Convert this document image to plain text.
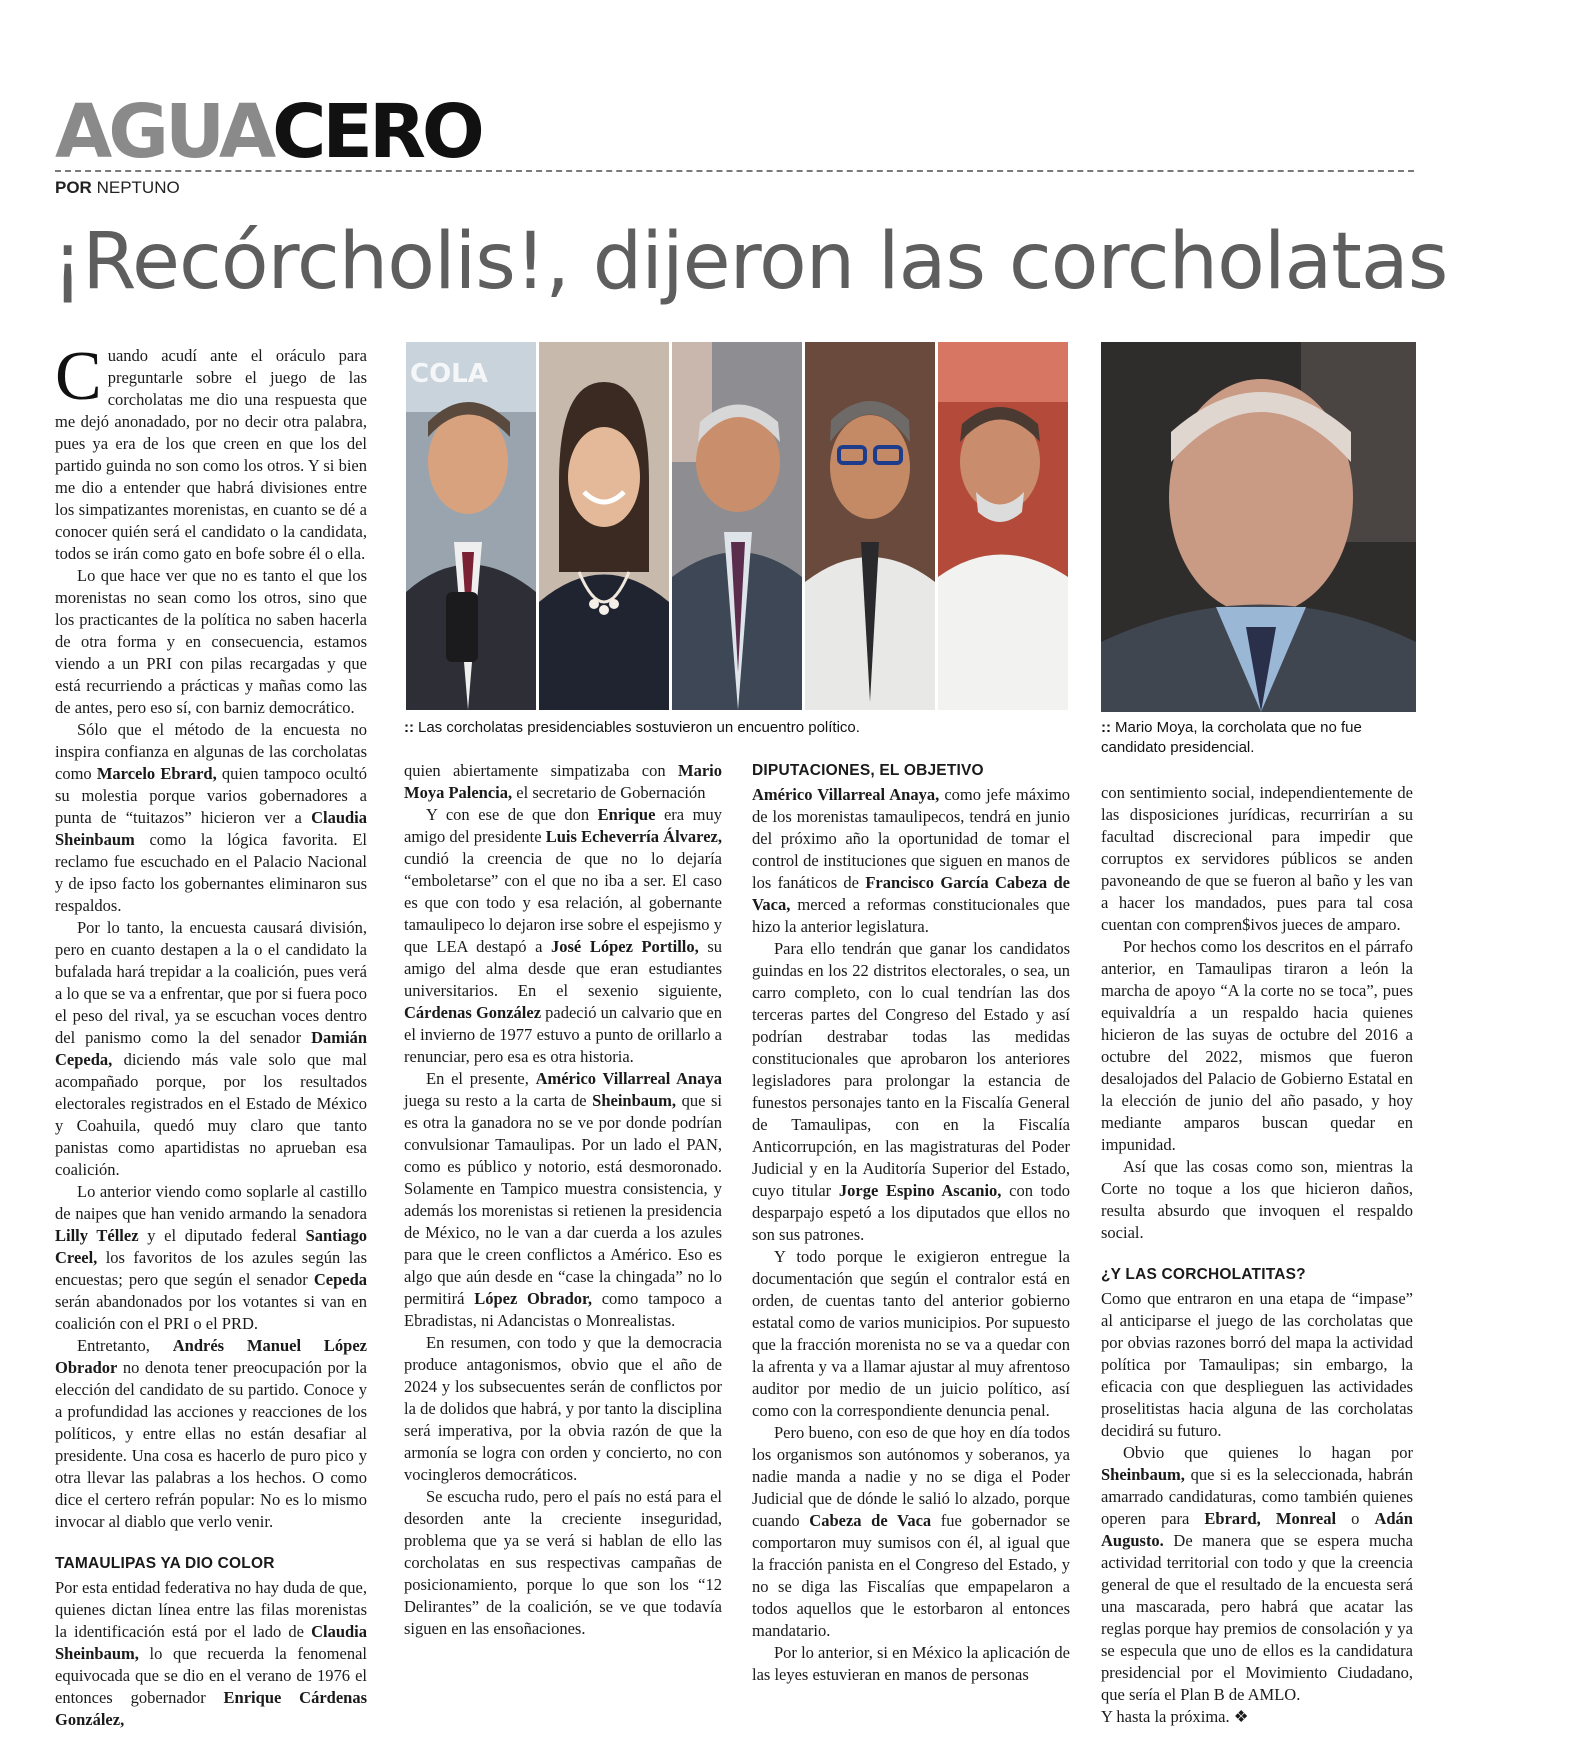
AGUACERO
POR NEPTUNO
¡Recórcholis!, dijeron las corcholatas

Cuando acudí ante el oráculo para preguntarle sobre el juego de las corcholatas me dio una respuesta que me dejó anonadado, por no decir otra palabra, pues ya era de los que creen en que los del partido guinda no son como los otros. Y si bien me dio a entender que habrá divisiones entre los simpatizantes morenistas, en cuanto se dé a conocer quién será el candidato o la candidata, todos se irán como gato en bofe sobre él o ella.

Lo que hace ver que no es tanto el que los morenistas no sean como los otros, sino que los practicantes de la política no saben hacerla de otra forma y en consecuencia, estamos viendo a un PRI con pilas recargadas y que está recurriendo a prácticas y mañas como las de antes, pero eso sí, con barniz democrático.

Sólo que el método de la encuesta no inspira confianza en algunas de las corcholatas como Marcelo Ebrard, quien tampoco ocultó su molestia porque varios gobernadores a punta de “tuitazos” hicieron ver a Claudia Sheinbaum como la lógica favorita. El reclamo fue escuchado en el Palacio Nacional y de ipso facto los gobernantes eliminaron sus respaldos.

Por lo tanto, la encuesta causará división, pero en cuanto destapen a la o el candidato la bufalada hará trepidar a la coalición, pues verá a lo que se va a enfrentar, que por si fuera poco el peso del rival, ya se escuchan voces dentro del panismo como la del senador Damián Cepeda, diciendo más vale solo que mal acompañado porque, por los resultados electorales registrados en el Estado de México y Coahuila, quedó muy claro que tanto panistas como apartidistas no aprueban esa coalición.

Lo anterior viendo como soplarle al castillo de naipes que han venido armando la senadora Lilly Téllez y el diputado federal Santiago Creel, los favoritos de los azules según las encuestas; pero que según el senador Cepeda serán abandonados por los votantes si van en coalición con el PRI o el PRD.

Entretanto, Andrés Manuel López Obrador no denota tener preocupación por la elección del candidato de su partido. Conoce y a profundidad las acciones y reacciones de los políticos, y entre ellas no están desafiar al presidente. Una cosa es hacerlo de puro pico y otra llevar las palabras a los hechos. O como dice el certero refrán popular: No es lo mismo invocar al diablo que verlo venir.

TAMAULIPAS YA DIO COLOR

Por esta entidad federativa no hay duda de que, quienes dictan línea entre las filas morenistas la identificación está por el lado de Claudia Sheinbaum, lo que recuerda la fenomenal equivocada que se dio en el verano de 1976 el entonces gobernador Enrique Cárdenas González,

COLA
:: Las corcholatas presidenciables sostuvieron un encuentro político.	:: Mario Moya, la corcholata que no fue candidato presidencial.

quien abiertamente simpatizaba con Mario Moya Palencia, el secretario de Gobernación

Y con ese de que don Enrique era muy amigo del presidente Luis Echeverría Álvarez, cundió la creencia de que no lo dejaría “emboletarse” con el que no iba a ser. El caso es que con todo y esa relación, al gobernante tamaulipeco lo dejaron irse sobre el espejismo y que LEA destapó a José López Portillo, su amigo del alma desde que eran estudiantes universitarios. En el sexenio siguiente, Cárdenas González padeció un calvario que en el invierno de 1977 estuvo a punto de orillarlo a renunciar, pero esa es otra historia.

En el presente, Américo Villarreal Anaya juega su resto a la carta de Sheinbaum, que si es otra la ganadora no se ve por donde podrían convulsionar Tamaulipas. Por un lado el PAN, como es público y notorio, está desmoronado. Solamente en Tampico muestra consistencia, y además los morenistas si retienen la presidencia de México, no le van a dar cuerda a los azules para que le creen conflictos a Américo. Eso es algo que aún desde en “case la chingada” no lo permitirá López Obrador, como tampoco a Ebradistas, ni Adancistas o Monrealistas.

En resumen, con todo y que la democracia produce antagonismos, obvio que el año de 2024 y los subsecuentes serán de conflictos por la de dolidos que habrá, y por tanto la disciplina será imperativa, por la obvia razón de que la armonía se logra con orden y concierto, no con vocingleros democráticos.

Se escucha rudo, pero el país no está para el desorden ante la creciente inseguridad, problema que ya se verá si hablan de ello las corcholatas en sus respectivas campañas de posicionamiento, porque lo que son los “12 Delirantes” de la coalición, se ve que todavía siguen en las ensoñaciones.

DIPUTACIONES, EL OBJETIVO

Américo Villarreal Anaya, como jefe máximo de los morenistas tamaulipecos, tendrá en junio del próximo año la oportunidad de tomar el control de instituciones que siguen en manos de los fanáticos de Francisco García Cabeza de Vaca, merced a reformas constitucionales que hizo la anterior legislatura.

Para ello tendrán que ganar los candidatos guindas en los 22 distritos electorales, o sea, un carro completo, con lo cual tendrían las dos terceras partes del Congreso del Estado y así podrían destrabar todas las medidas constitucionales que aprobaron los anteriores legisladores para prolongar la estancia de funestos personajes tanto en la Fiscalía General de Tamaulipas, con en la Fiscalía Anticorrupción, en las magistraturas del Poder Judicial y en la Auditoría Superior del Estado, cuyo titular Jorge Espino Ascanio, con todo desparpajo espetó a los diputados que ellos no son sus patrones.

Y todo porque le exigieron entregue la documentación que según el contralor está en orden, de cuentas tanto del anterior gobierno estatal como de varios municipios. Por supuesto que la fracción morenista no se va a quedar con la afrenta y va a llamar ajustar al muy afrentoso auditor por medio de un juicio político, así como con la correspondiente denuncia penal.

Pero bueno, con eso de que hoy en día todos los organismos son autónomos y soberanos, ya nadie manda a nadie y no se diga el Poder Judicial que de dónde le salió lo alzado, porque cuando Cabeza de Vaca fue gobernador se comportaron muy sumisos con él, al igual que la fracción panista en el Congreso del Estado, y no se diga las Fiscalías que empapelaron a todos aquellos que le estorbaron al entonces mandatario.

Por lo anterior, si en México la aplicación de las leyes estuvieran en manos de personas

con sentimiento social, independientemente de las disposiciones jurídicas, recurrirían a su facultad discrecional para impedir que corruptos ex servidores públicos se anden pavoneando de que se fueron al baño y les van a hacer los mandados, pues para tal cosa cuentan con compren$ivos jueces de amparo.

Por hechos como los descritos en el párrafo anterior, en Tamaulipas tiraron a león la marcha de apoyo “A la corte no se toca”, pues equivaldría a un respaldo hacia quienes hicieron de las suyas de octubre del 2016 a octubre del 2022, mismos que fueron desalojados del Palacio de Gobierno Estatal en la elección de junio del año pasado, y hoy mediante amparos buscan quedar en impunidad.

Así que las cosas como son, mientras la Corte no toque a los que hicieron daños, resulta absurdo que invoquen el respaldo social.

¿Y LAS CORCHOLATITAS?

Como que entraron en una etapa de “impase” al anticiparse el juego de las corcholatas que por obvias razones borró del mapa la actividad política por Tamaulipas; sin embargo, la eficacia con que desplieguen las actividades proselitistas hacia alguna de las corcholatas decidirá su futuro.

Obvio que quienes lo hagan por Sheinbaum, que si es la seleccionada, habrán amarrado candidaturas, como también quienes operen para Ebrard, Monreal o Adán Augusto. De manera que se espera mucha actividad territorial con todo y que la creencia general de que el resultado de la encuesta será una mascarada, pero habrá que acatar las reglas porque hay premios de consolación y ya se especula que uno de ellos es la candidatura presidencial por el Movimiento Ciudadano, que sería el Plan B de AMLO.

Y hasta la próxima. ❖
